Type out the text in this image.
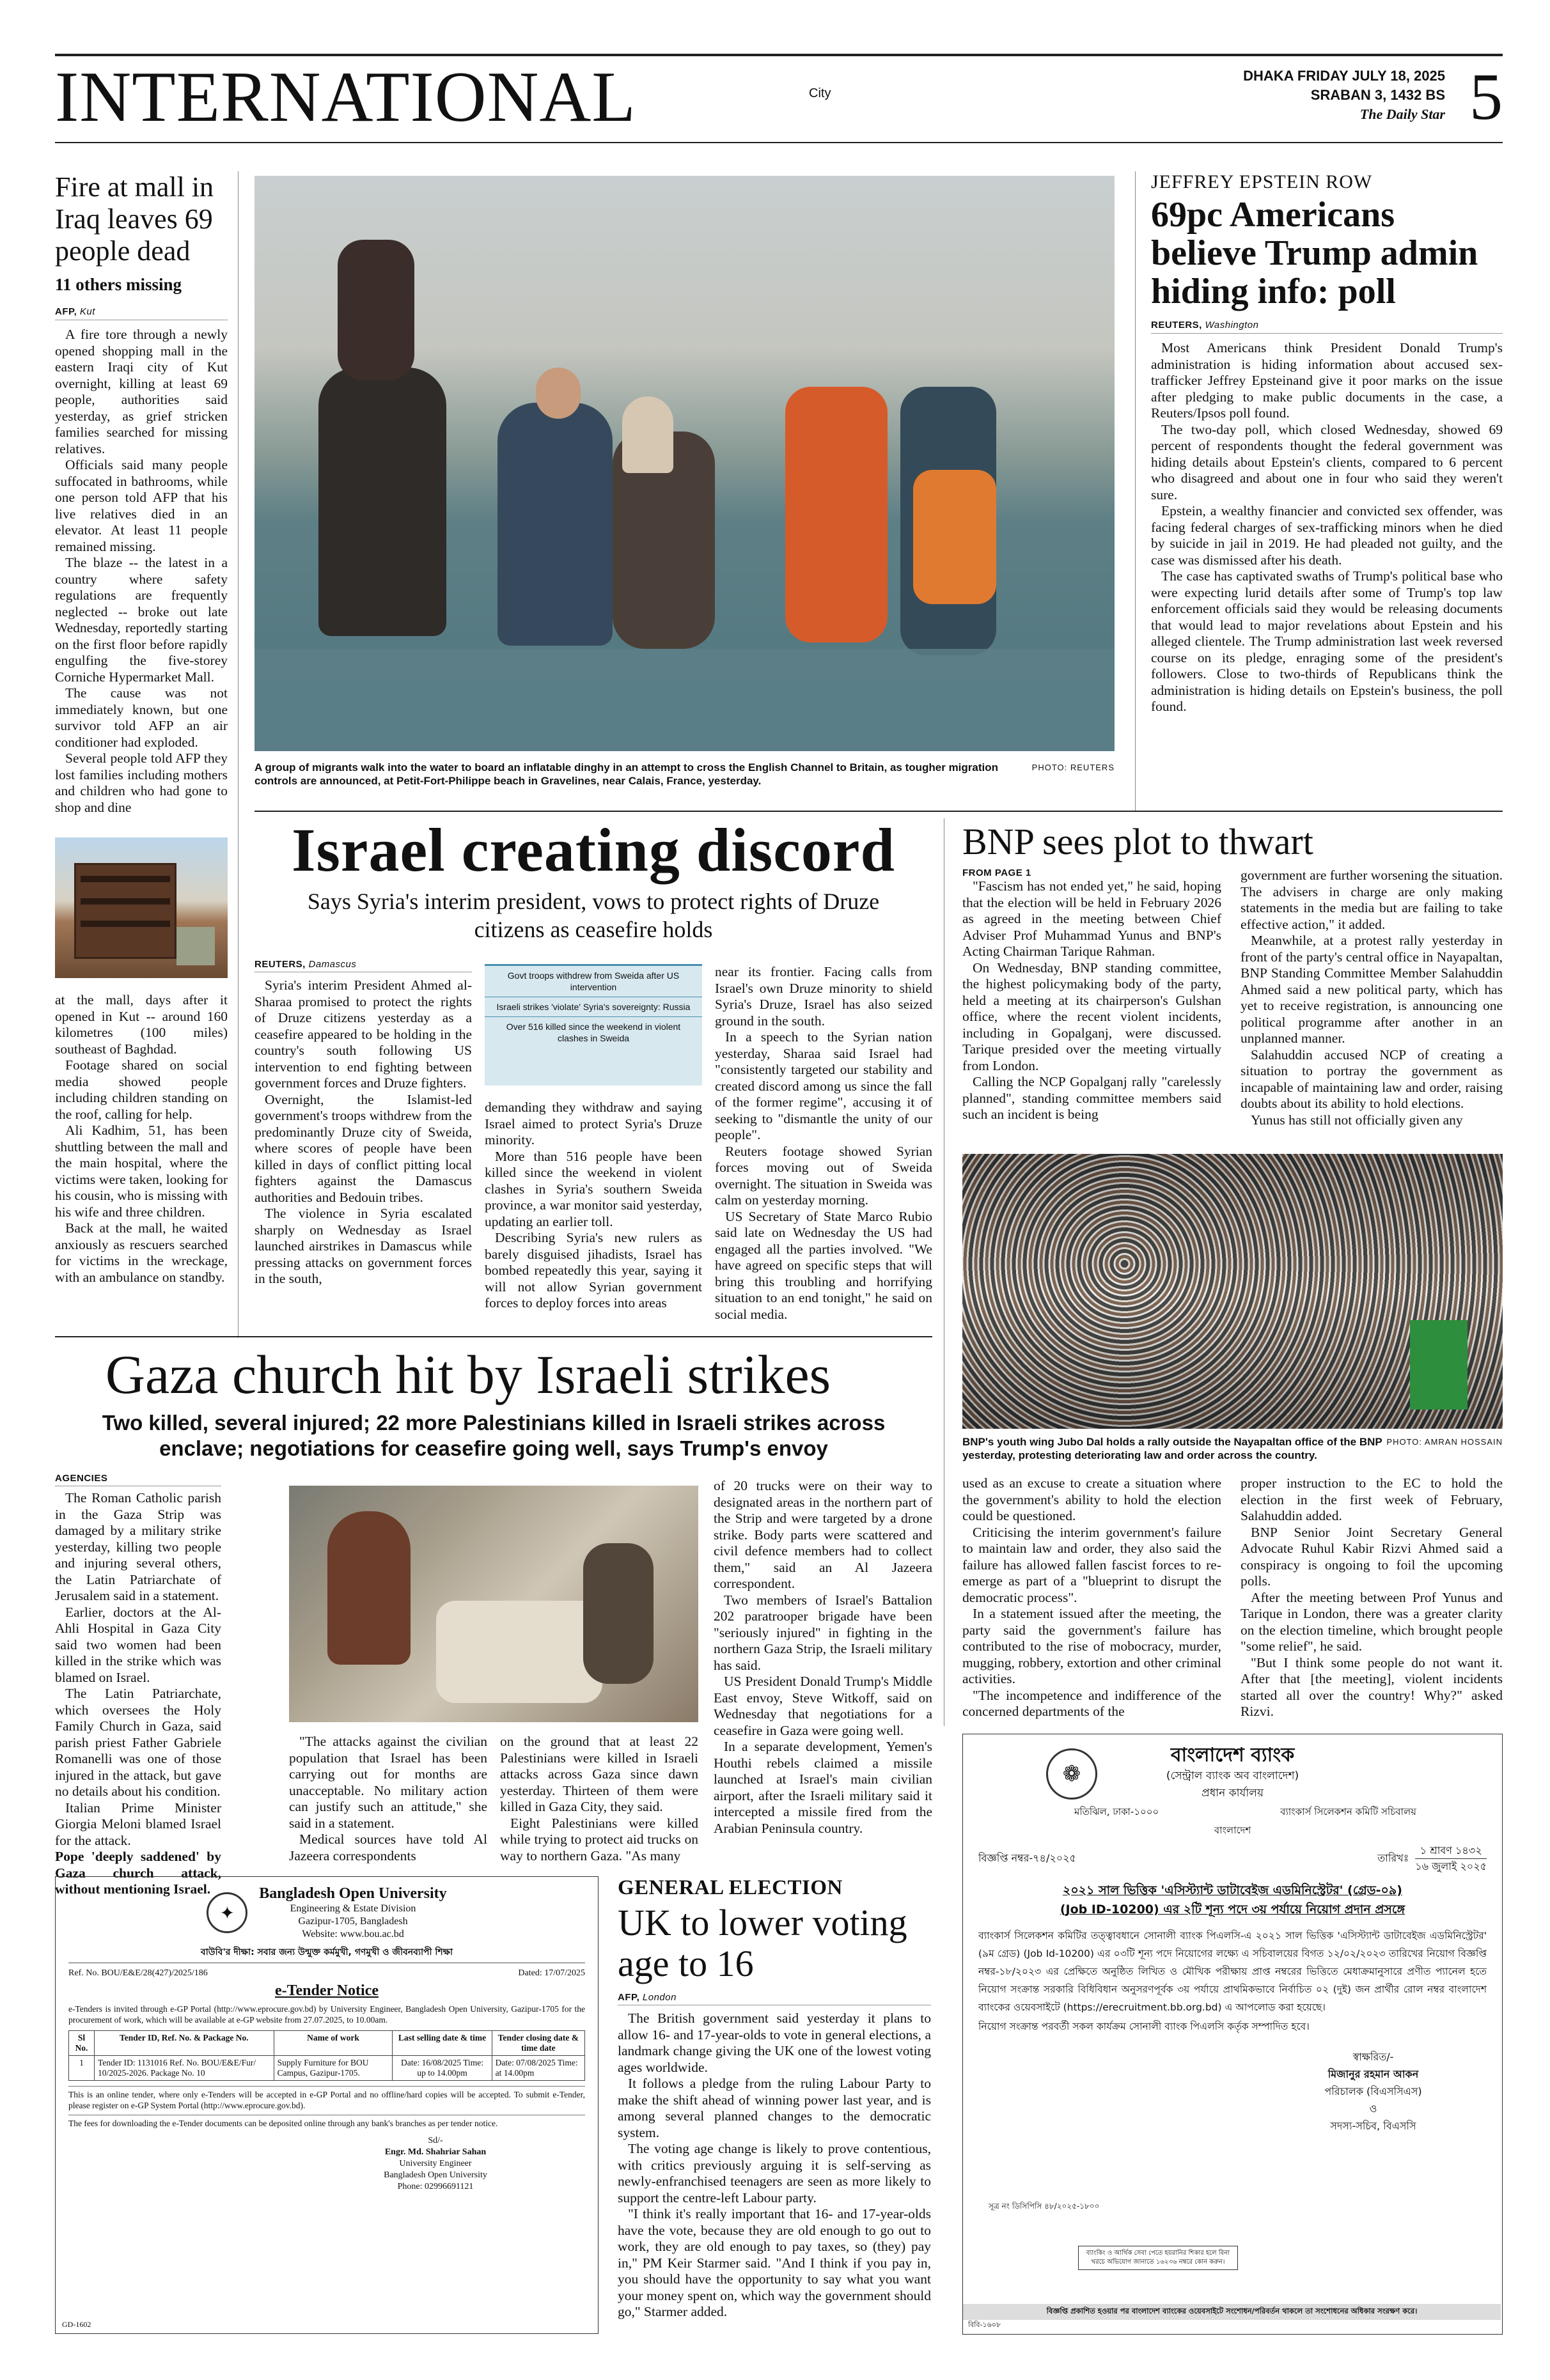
INTERNATIONAL	City
DHAKA FRIDAY JULY 18, 2025
SRABAN 3, 1432 BS
The Daily Star 5
Fire at mall in Iraq leaves 69 people dead
11 others missing
AFP, Kut

A fire tore through a newly opened shopping mall in the eastern Iraqi city of Kut overnight, killing at least 69 people, authorities said yesterday, as grief stricken families searched for missing relatives.

Officials said many people suffocated in bathrooms, while one person told AFP that his live relatives died in an elevator. At least 11 people remained missing.

The blaze -- the latest in a country where safety regulations are frequently neglected -- broke out late Wednesday, reportedly starting on the first floor before rapidly engulfing the five-storey Corniche Hypermarket Mall.

The cause was not immediately known, but one survivor told AFP an air conditioner had exploded.

Several people told AFP they lost families including mothers and children who had gone to shop and dine

at the mall, days after it opened in Kut -- around 160 kilometres (100 miles) southeast of Baghdad.

Footage shared on social media showed people including children standing on the roof, calling for help.

Ali Kadhim, 51, has been shuttling between the mall and the main hospital, where the victims were taken, looking for his cousin, who is missing with his wife and three children.

Back at the mall, he waited anxiously as rescuers searched for victims in the wreckage, with an ambulance on standby.

PHOTO: REUTERS
A group of migrants walk into the water to board an inflatable dinghy in an attempt to cross the English Channel to Britain, as tougher migration controls are announced, at Petit-Fort-Philippe beach in Gravelines, near Calais, France, yesterday.
JEFFREY EPSTEIN ROW
69pc Americans believe Trump admin hiding info: poll
REUTERS, Washington

Most Americans think President Donald Trump's administration is hiding information about accused sex-trafficker Jeffrey Epsteinand give it poor marks on the issue after pledging to make public documents in the case, a Reuters/Ipsos poll found.

The two-day poll, which closed Wednesday, showed 69 percent of respondents thought the federal government was hiding details about Epstein's clients, compared to 6 percent who disagreed and about one in four who said they weren't sure.

Epstein, a wealthy financier and convicted sex offender, was facing federal charges of sex-trafficking minors when he died by suicide in jail in 2019. He had pleaded not guilty, and the case was dismissed after his death.

The case has captivated swaths of Trump's political base who were expecting lurid details after some of Trump's top law enforcement officials said they would be releasing documents that would lead to major revelations about Epstein and his alleged clientele. The Trump administration last week reversed course on its pledge, enraging some of the president's followers. Close to two-thirds of Republicans think the administration is hiding details on Epstein's business, the poll found.

Israel creating discord
Says Syria's interim president, vows to protect rights of Druze citizens as ceasefire holds
REUTERS, Damascus

Syria's interim President Ahmed al-Sharaa promised to protect the rights of Druze citizens yesterday as a ceasefire appeared to be holding in the country's south following US intervention to end fighting between government forces and Druze fighters.

Overnight, the Islamist-led government's troops withdrew from the predominantly Druze city of Sweida, where scores of people have been killed in days of conflict pitting local fighters against the Damascus authorities and Bedouin tribes.

The violence in Syria escalated sharply on Wednesday as Israel launched airstrikes in Damascus while pressing attacks on government forces in the south,

Govt troops withdrew from Sweida after US intervention
Israeli strikes 'violate' Syria's sovereignty: Russia
Over 516 killed since the weekend in violent clashes in Sweida

demanding they withdraw and saying Israel aimed to protect Syria's Druze minority.

More than 516 people have been killed since the weekend in violent clashes in Syria's southern Sweida province, a war monitor said yesterday, updating an earlier toll.

Describing Syria's new rulers as barely disguised jihadists, Israel has bombed repeatedly this year, saying it will not allow Syrian government forces to deploy forces into areas

near its frontier. Facing calls from Israel's own Druze minority to shield Syria's Druze, Israel has also seized ground in the south.

In a speech to the Syrian nation yesterday, Sharaa said Israel had "consistently targeted our stability and created discord among us since the fall of the former regime", accusing it of seeking to "dismantle the unity of our people".

Reuters footage showed Syrian forces moving out of Sweida overnight. The situation in Sweida was calm on yesterday morning.

US Secretary of State Marco Rubio said late on Wednesday the US had engaged all the parties involved. "We have agreed on specific steps that will bring this troubling and horrifying situation to an end tonight," he said on social media.

BNP sees plot to thwart
FROM PAGE 1

"Fascism has not ended yet," he said, hoping that the election will be held in February 2026 as agreed in the meeting between Chief Adviser Prof Muhammad Yunus and BNP's Acting Chairman Tarique Rahman.

On Wednesday, BNP standing committee, the highest policymaking body of the party, held a meeting at its chairperson's Gulshan office, where the recent violent incidents, including in Gopalganj, were discussed. Tarique presided over the meeting virtually from London.

Calling the NCP Gopalganj rally "carelessly planned", standing committee members said such an incident is being

government are further worsening the situation. The advisers in charge are only making statements in the media but are failing to take effective action," it added.

Meanwhile, at a protest rally yesterday in front of the party's central office in Nayapaltan, BNP Standing Committee Member Salahuddin Ahmed said a new political party, which has yet to receive registration, is announcing one political programme after another in an unplanned manner.

Salahuddin accused NCP of creating a situation to portray the government as incapable of maintaining law and order, raising doubts about its ability to hold elections.

Yunus has still not officially given any

PHOTO: AMRAN HOSSAIN
BNP's youth wing Jubo Dal holds a rally outside the Nayapaltan office of the BNP yesterday, protesting deteriorating law and order across the country.

used as an excuse to create a situation where the government's ability to hold the election could be questioned.

Criticising the interim government's failure to maintain law and order, they also said the failure has allowed fallen fascist forces to re-emerge as part of a "blueprint to disrupt the democratic process".

In a statement issued after the meeting, the party said the government's failure has contributed to the rise of mobocracy, murder, mugging, robbery, extortion and other criminal activities.

"The incompetence and indifference of the concerned departments of the

proper instruction to the EC to hold the election in the first week of February, Salahuddin added.

BNP Senior Joint Secretary General Advocate Ruhul Kabir Rizvi Ahmed said a conspiracy is ongoing to foil the upcoming polls.

After the meeting between Prof Yunus and Tarique in London, there was a greater clarity on the election timeline, which brought people "some relief", he said.

"But I think some people do not want it. After that [the meeting], violent incidents started all over the country! Why?" asked Rizvi.

Gaza church hit by Israeli strikes
Two killed, several injured; 22 more Palestinians killed in Israeli strikes across enclave; negotiations for ceasefire going well, says Trump's envoy
AGENCIES

The Roman Catholic parish in the Gaza Strip was damaged by a military strike yesterday, killing two people and injuring several others, the Latin Patriarchate of Jerusalem said in a statement.

Earlier, doctors at the Al-Ahli Hospital in Gaza City said two women had been killed in the strike which was blamed on Israel.

The Latin Patriarchate, which oversees the Holy Family Church in Gaza, said parish priest Father Gabriele Romanelli was one of those injured in the attack, but gave no details about his condition.

Italian Prime Minister Giorgia Meloni blamed Israel for the attack.

Pope 'deeply saddened' by Gaza church attack, without mentioning Israel.

"The attacks against the civilian population that Israel has been carrying out for months are unacceptable. No military action can justify such an attitude," she said in a statement.

Medical sources have told Al Jazeera correspondents

on the ground that at least 22 Palestinians were killed in Israeli attacks across Gaza since dawn yesterday. Thirteen of them were killed in Gaza City, they said.

Eight Palestinians were killed while trying to protect aid trucks on way to northern Gaza. "As many

of 20 trucks were on their way to designated areas in the northern part of the Strip and were targeted by a drone strike. Body parts were scattered and civil defence members had to collect them," said an Al Jazeera correspondent.

Two members of Israel's Battalion 202 paratrooper brigade have been "seriously injured" in fighting in the northern Gaza Strip, the Israeli military has said.

US President Donald Trump's Middle East envoy, Steve Witkoff, said on Wednesday that negotiations for a ceasefire in Gaza were going well.

In a separate development, Yemen's Houthi rebels claimed a missile launched at Israel's main civilian airport, after the Israeli military said it intercepted a missile fired from the Arabian Peninsula country.

✦
Bangladesh Open University
Engineering & Estate Division
Gazipur-1705, Bangladesh
Website: www.bou.ac.bd
বাউবি'র দীক্ষা: সবার জন্য উন্মুক্ত কর্মমুখী, গণমুখী ও জীবনব্যাপী শিক্ষা
Ref. No. BOU/E&E/28(427)/2025/186	Dated: 17/07/2025
e-Tender Notice
e-Tenders is invited through e-GP Portal (http://www.eprocure.gov.bd) by University Engineer, Bangladesh Open University, Gazipur-1705 for the procurement of work, which will be available at e-GP website from 27.07.2025, to 10.00am.
Sl No.	Tender ID, Ref. No. & Package No.	Name of work	Last selling date & time	Tender closing date & time date
1	Tender ID: 1131016 Ref. No. BOU/E&E/Fur/ 10/2025-2026. Package No. 10	Supply Furniture for BOU Campus, Gazipur-1705.	Date: 16/08/2025 Time: up to 14.00pm	Date: 07/08/2025 Time: at 14.00pm
This is an online tender, where only e-Tenders will be accepted in e-GP Portal and no offline/hard copies will be accepted. To submit e-Tender, please register on e-GP System Portal (http://www.eprocure.gov.bd).
The fees for downloading the e-Tender documents can be deposited online through any bank's branches as per tender notice.
Sd/-
Engr. Md. Shahriar Sahan
University Engineer
Bangladesh Open University
Phone: 02996691121
GD-1602
GENERAL ELECTION
UK to lower voting age to 16
AFP, London

The British government said yesterday it plans to allow 16- and 17-year-olds to vote in general elections, a landmark change giving the UK one of the lowest voting ages worldwide.

It follows a pledge from the ruling Labour Party to make the shift ahead of winning power last year, and is among several planned changes to the democratic system.

The voting age change is likely to prove contentious, with critics previously arguing it is self-serving as newly-enfranchised teenagers are seen as more likely to support the centre-left Labour party.

"I think it's really important that 16- and 17-year-olds have the vote, because they are old enough to go out to work, they are old enough to pay taxes, so (they) pay in," PM Keir Starmer said. "And I think if you pay in, you should have the opportunity to say what you want your money spent on, which way the government should go," Starmer added.

❁
বাংলাদেশ ব্যাংক
(সেন্ট্রাল ব্যাংক অব বাংলাদেশ)
প্রধান কার্যালয়
মতিঝিল, ঢাকা-১০০০	ব্যাংকার্স সিলেকশন কমিটি সচিবালয়
বাংলাদেশ
বিজ্ঞপ্তি নম্বর-৭৪/২০২৫	তারিখঃ
১ শ্রাবণ ১৪৩২
১৬ জুলাই ২০২৫
২০২১ সাল ভিত্তিক 'এসিস্ট্যান্ট ডাটাবেইজ এডমিনিস্ট্রেটর' (গ্রেড-০৯)
(Job ID-10200) এর ২টি শূন্য পদে ৩য় পর্যায়ে নিয়োগ প্রদান প্রসঙ্গে
ব্যাংকার্স সিলেকশন কমিটির তত্ত্বাবধানে সোনালী ব্যাংক পিএলসি-এ ২০২১ সাল ভিত্তিক 'এসিস্ট্যান্ট ডাটাবেইজ এডমিনিস্ট্রেটর' (৯ম গ্রেড) (Job Id-10200) এর ০৩টি শূন্য পদে নিয়োগের লক্ষ্যে এ সচিবালয়ের বিগত ১২/০২/২০২৩ তারিখের নিয়োগ বিজ্ঞপ্তি নম্বর-১৮/২০২৩ এর প্রেক্ষিতে অনুষ্ঠিত লিখিত ও মৌখিক পরীক্ষায় প্রাপ্ত নম্বরের ভিত্তিতে মেধাক্রমানুসারে প্রণীত প্যানেল হতে নিয়োগ সংক্রান্ত সরকারি বিধিবিধান অনুসরণপূর্বক ৩য় পর্যায়ে প্রাথমিকভাবে নির্বাচিত ০২ (দুই) জন প্রার্থীর রোল নম্বর বাংলাদেশ ব্যাংকের ওয়েবসাইটে (https://erecruitment.bb.org.bd) এ আপলোড করা হয়েছে।
নিয়োগ সংক্রান্ত পরবর্তী সকল কার্যক্রম সোনালী ব্যাংক পিএলসি কর্তৃক সম্পাদিত হবে।
স্বাক্ষরিত/-
মিজানুর রহমান আকন
পরিচালক (বিএসসিএস)
ও
সদস্য-সচিব, বিএসসি
সূত্র নং ডিসিপিসি ৪৮/২০২৫-১৮০০
ব্যাংকিং ও আর্থিক সেবা পেতে হয়রানির শিকার হলে বিনা খরচে অভিযোগ জানাতে ১৬২৩৬ নম্বরে কোন করুন।
বিজ্ঞপ্তি প্রকাশিত হওয়ার পর বাংলাদেশ ব্যাংকের ওয়েবসাইটে সংশোধন/পরিবর্তন থাকলে তা সংশোধনের অধিকার সংরক্ষণ করে।
বিবি-১৬০৮
